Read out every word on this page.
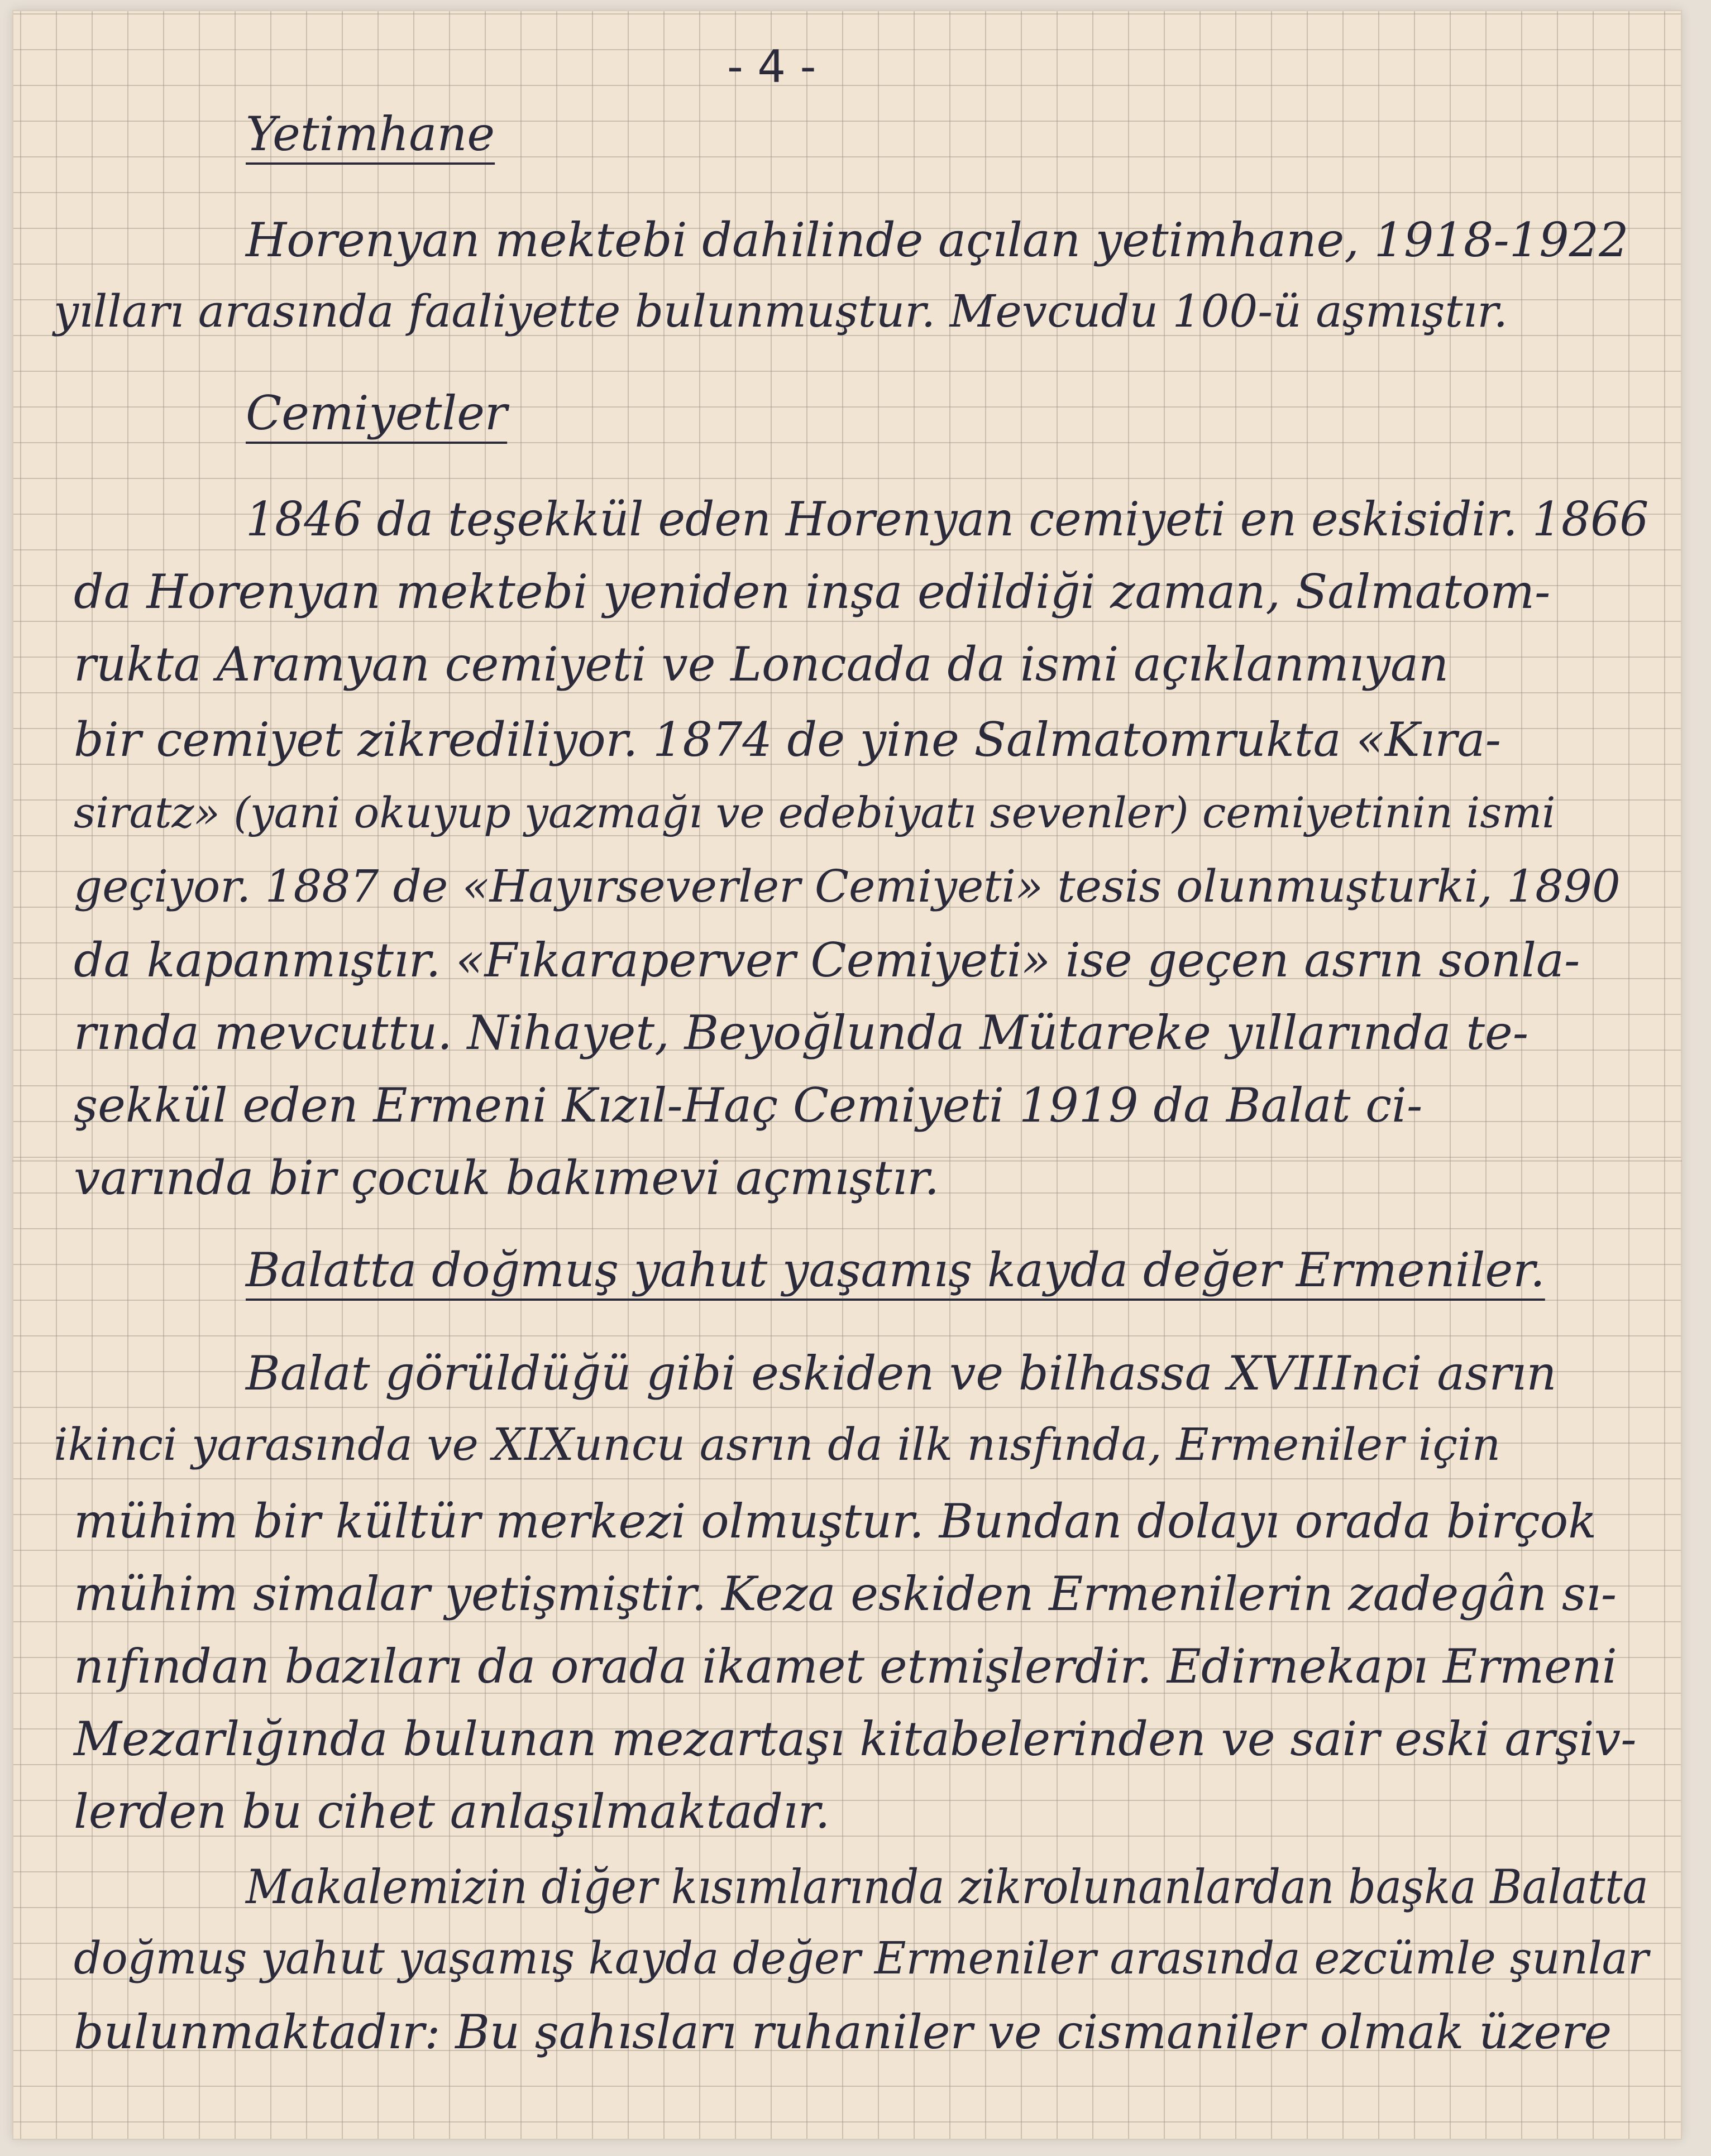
- 4 -

Yetimhane

Horenyan mektebi dahilinde açılan yetimhane, 1918-1922

yılları arasında faaliyette bulunmuştur. Mevcudu 100-ü aşmıştır.

Cemiyetler

1846 da teşekkül eden Horenyan cemiyeti en eskisidir. 1866

da Horenyan mektebi yeniden inşa edildiği zaman, Salmatom-

rukta Aramyan cemiyeti ve Loncada da ismi açıklanmıyan

bir cemiyet zikrediliyor. 1874 de yine Salmatomrukta «Kıra-

siratz» (yani okuyup yazmağı ve edebiyatı sevenler) cemiyetinin ismi

geçiyor. 1887 de «Hayırseverler Cemiyeti» tesis olunmuşturki, 1890

da kapanmıştır. «Fıkaraperver Cemiyeti» ise geçen asrın sonla-

rında mevcuttu. Nihayet, Beyoğlunda Mütareke yıllarında te-

şekkül eden Ermeni Kızıl-Haç Cemiyeti 1919 da Balat ci-

varında bir çocuk bakımevi açmıştır.

Balatta doğmuş yahut yaşamış kayda değer Ermeniler.

Balat görüldüğü gibi eskiden ve bilhassa XVIIInci asrın

ikinci yarasında ve XIXuncu asrın da ilk nısfında, Ermeniler için

mühim bir kültür merkezi olmuştur. Bundan dolayı orada birçok

mühim simalar yetişmiştir. Keza eskiden Ermenilerin zadegân sı-

nıfından bazıları da orada ikamet etmişlerdir. Edirnekapı Ermeni

Mezarlığında bulunan mezartaşı kitabelerinden ve sair eski arşiv-

lerden bu cihet anlaşılmaktadır.

Makalemizin diğer kısımlarında zikrolunanlardan başka Balatta

doğmuş yahut yaşamış kayda değer Ermeniler arasında ezcümle şunlar

bulunmaktadır: Bu şahısları ruhaniler ve cismaniler olmak üzere
